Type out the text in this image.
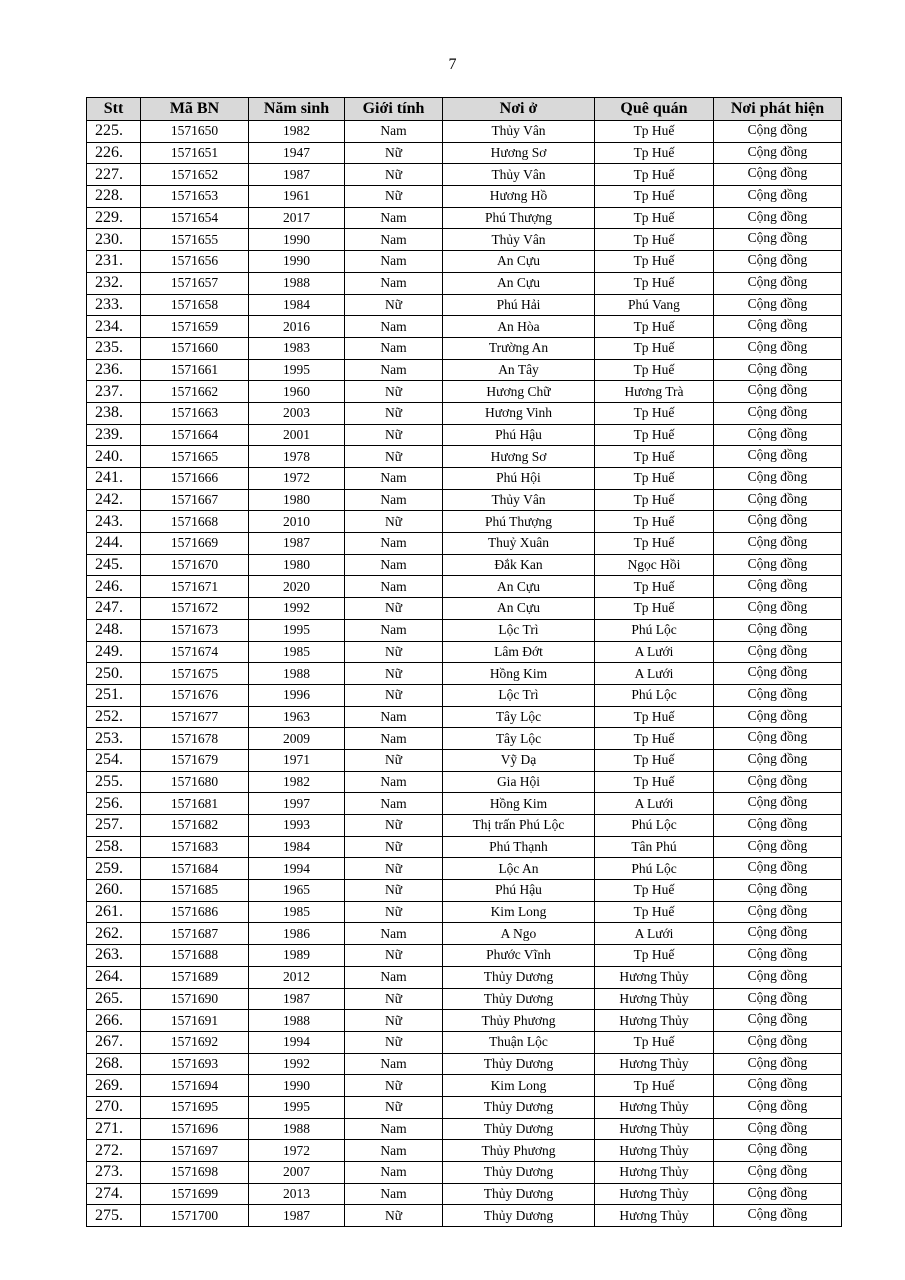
7
Stt	Mã BN	Năm sinh	Giới tính	Nơi ở	Quê quán	Nơi phát hiện
225.	1571650	1982	Nam	Thủy Vân	Tp Huế	Cộng đồng
226.	1571651	1947	Nữ	Hương Sơ	Tp Huế	Cộng đồng
227.	1571652	1987	Nữ	Thủy Vân	Tp Huế	Cộng đồng
228.	1571653	1961	Nữ	Hương Hồ	Tp Huế	Cộng đồng
229.	1571654	2017	Nam	Phú Thượng	Tp Huế	Cộng đồng
230.	1571655	1990	Nam	Thủy Vân	Tp Huế	Cộng đồng
231.	1571656	1990	Nam	An Cựu	Tp Huế	Cộng đồng
232.	1571657	1988	Nam	An Cựu	Tp Huế	Cộng đồng
233.	1571658	1984	Nữ	Phú Hải	Phú Vang	Cộng đồng
234.	1571659	2016	Nam	An Hòa	Tp Huế	Cộng đồng
235.	1571660	1983	Nam	Trường An	Tp Huế	Cộng đồng
236.	1571661	1995	Nam	An Tây	Tp Huế	Cộng đồng
237.	1571662	1960	Nữ	Hương Chữ	Hương Trà	Cộng đồng
238.	1571663	2003	Nữ	Hương Vinh	Tp Huế	Cộng đồng
239.	1571664	2001	Nữ	Phú Hậu	Tp Huế	Cộng đồng
240.	1571665	1978	Nữ	Hương Sơ	Tp Huế	Cộng đồng
241.	1571666	1972	Nam	Phú Hội	Tp Huế	Cộng đồng
242.	1571667	1980	Nam	Thủy Vân	Tp Huế	Cộng đồng
243.	1571668	2010	Nữ	Phú Thượng	Tp Huế	Cộng đồng
244.	1571669	1987	Nam	Thuỷ Xuân	Tp Huế	Cộng đồng
245.	1571670	1980	Nam	Đắk Kan	Ngọc Hồi	Cộng đồng
246.	1571671	2020	Nam	An Cựu	Tp Huế	Cộng đồng
247.	1571672	1992	Nữ	An Cựu	Tp Huế	Cộng đồng
248.	1571673	1995	Nam	Lộc Trì	Phú Lộc	Cộng đồng
249.	1571674	1985	Nữ	Lâm Đớt	A Lưới	Cộng đồng
250.	1571675	1988	Nữ	Hồng Kim	A Lưới	Cộng đồng
251.	1571676	1996	Nữ	Lộc Trì	Phú Lộc	Cộng đồng
252.	1571677	1963	Nam	Tây Lộc	Tp Huế	Cộng đồng
253.	1571678	2009	Nam	Tây Lộc	Tp Huế	Cộng đồng
254.	1571679	1971	Nữ	Vỹ Dạ	Tp Huế	Cộng đồng
255.	1571680	1982	Nam	Gia Hội	Tp Huế	Cộng đồng
256.	1571681	1997	Nam	Hồng Kim	A Lưới	Cộng đồng
257.	1571682	1993	Nữ	Thị trấn Phú Lộc	Phú Lộc	Cộng đồng
258.	1571683	1984	Nữ	Phú Thạnh	Tân Phú	Cộng đồng
259.	1571684	1994	Nữ	Lộc An	Phú Lộc	Cộng đồng
260.	1571685	1965	Nữ	Phú Hậu	Tp Huế	Cộng đồng
261.	1571686	1985	Nữ	Kim Long	Tp Huế	Cộng đồng
262.	1571687	1986	Nam	A Ngo	A Lưới	Cộng đồng
263.	1571688	1989	Nữ	Phước Vĩnh	Tp Huế	Cộng đồng
264.	1571689	2012	Nam	Thủy Dương	Hương Thủy	Cộng đồng
265.	1571690	1987	Nữ	Thủy Dương	Hương Thủy	Cộng đồng
266.	1571691	1988	Nữ	Thủy Phương	Hương Thủy	Cộng đồng
267.	1571692	1994	Nữ	Thuận Lộc	Tp Huế	Cộng đồng
268.	1571693	1992	Nam	Thủy Dương	Hương Thủy	Cộng đồng
269.	1571694	1990	Nữ	Kim Long	Tp Huế	Cộng đồng
270.	1571695	1995	Nữ	Thủy Dương	Hương Thủy	Cộng đồng
271.	1571696	1988	Nam	Thủy Dương	Hương Thủy	Cộng đồng
272.	1571697	1972	Nam	Thủy Phương	Hương Thủy	Cộng đồng
273.	1571698	2007	Nam	Thủy Dương	Hương Thủy	Cộng đồng
274.	1571699	2013	Nam	Thủy Dương	Hương Thủy	Cộng đồng
275.	1571700	1987	Nữ	Thủy Dương	Hương Thủy	Cộng đồng
